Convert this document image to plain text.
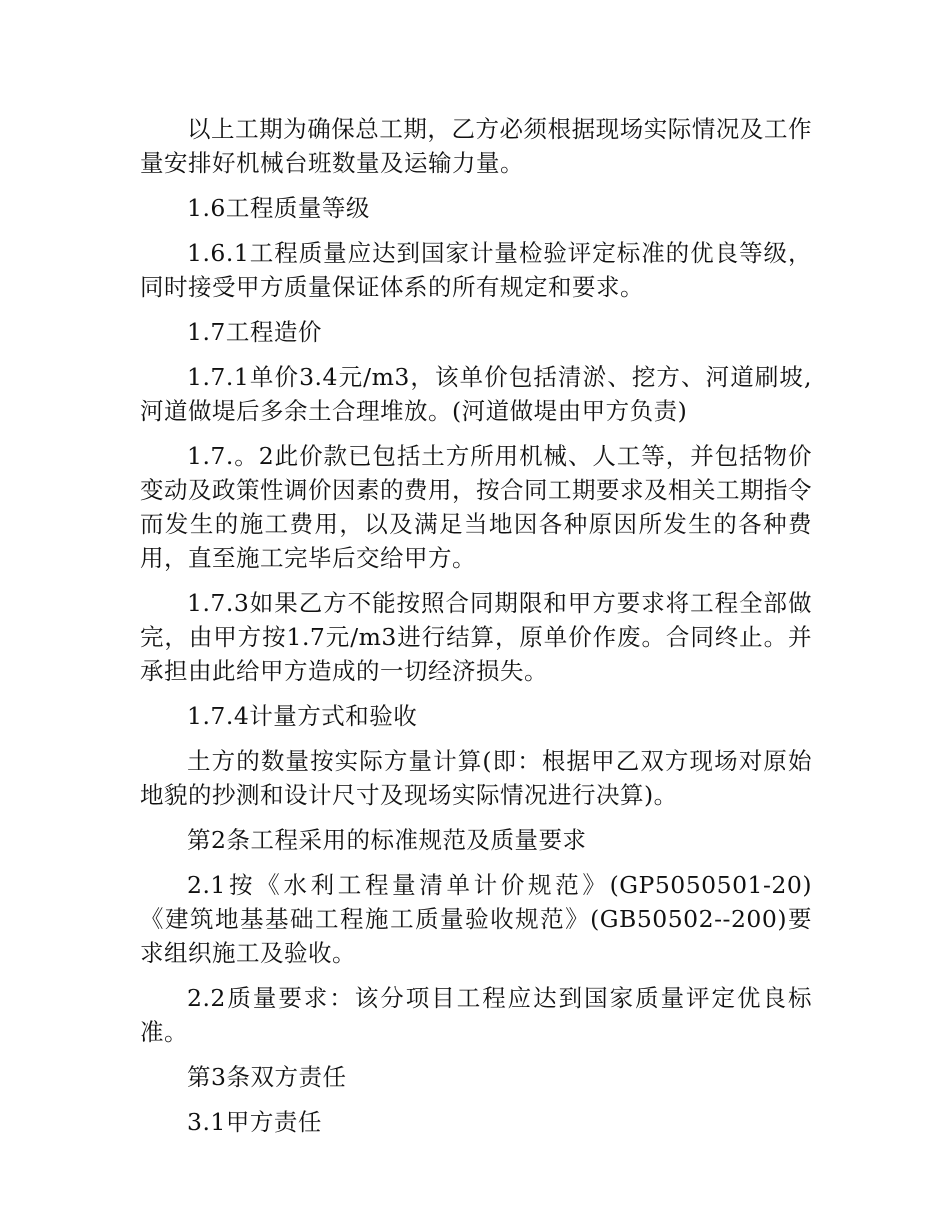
以上工期为确保总工期，乙方必须根据现场实际情况及工作量安排好机械台班数量及运输力量。

1.6工程质量等级

1.6.1工程质量应达到国家计量检验评定标准的优良等级，同时接受甲方质量保证体系的所有规定和要求。

1.7工程造价

1.7.1单价3.4元/m3，该单价包括清淤、挖方、河道刷坡,河道做堤后多余土合理堆放。(河道做堤由甲方负责)

1.7.。2此价款已包括土方所用机械、人工等，并包括物价变动及政策性调价因素的费用，按合同工期要求及相关工期指令而发生的施工费用，以及满足当地因各种原因所发生的各种费用，直至施工完毕后交给甲方。

1.7.3如果乙方不能按照合同期限和甲方要求将工程全部做完，由甲方按1.7元/m3进行结算，原单价作废。合同终止。并承担由此给甲方造成的一切经济损失。

1.7.4计量方式和验收

土方的数量按实际方量计算(即：根据甲乙双方现场对原始地貌的抄测和设计尺寸及现场实际情况进行决算)。

第2条工程采用的标准规范及质量要求

2.1按《水利工程量清单计价规范》(GP5050501-20)《建筑地基基础工程施工质量验收规范》(GB50502--200)要求组织施工及验收。

2.2质量要求：该分项目工程应达到国家质量评定优良标准。

第3条双方责任

3.1甲方责任
